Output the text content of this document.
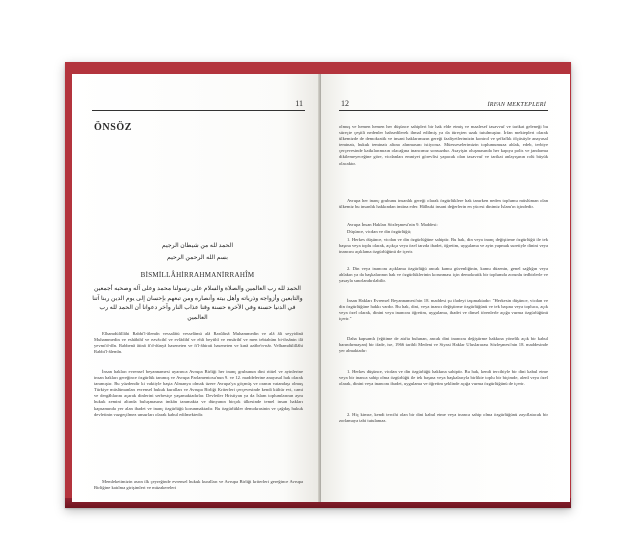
11
ÖNSÖZ
الحمد لله من شيطان الرجيم
بسم الله الرحمن الرحيم
BİSMİLLÂHİRRAHMANİRRAHÎM
الحمد لله رب العالمين والصلاة والسلام على رسولنا محمد وعلى آله وصحبه أجمعين والتابعين وأزواجه وذرياته وأهل بيته وأنصاره ومن تبعهم بإحسان إلى يوم الدين ربنا آتنا في الدنيا حسنة وفي الآخرة حسنة وقنا عذاب النار وآخر دعوانا أن الحمد لله رب العالمين
Elhamdülillâhi Rabbi'l-âlemîn vessalâtü vesselâmü alâ Rasûlinâ Muhammedin ve alâ âli seyyidinâ Muhammedin ve eshâbihî ve ezvâcihî ve evlâdihî ve ehli beytihî ve ensârihî ve men tebiahüm bi-ihsânin ilâ yevmi'd-dîn. Rabbenâ âtinâ fi'd-dünyâ haseneten ve fi'l-âhirati haseneten ve kınâ azâbe'n-nâr. Velhamdülillâhi Rabbi'l-âlemîn.
İnsan hakları evrensel beyannamesi uyarınca Avrupa Birliği her inanç grubunun dini ritüel ve ayinlerine insan hakları gereğince özgürlük tanımış ve Avrupa Parlamentosu'nun 9. ve 12. maddelerine anayasal hak olarak tanımıştır. Bu yüzdendir ki vaktiyle başta Almanya olmak üzere Avrupa'ya göçmüş ve oranın vatandaşı olmuş Türkiye müslümanları evrensel hukuk kuralları ve Avrupa Birliği Kriterleri çerçevesinde kendi kültür evi, cami ve dergâhlarını açarak dinlerini serbestçe yaşamaktadırlar. Devletler Hristiyan ya da İslam toplumlarının aynı hukuk zemini altında buluşmasına imkân tanımakta ve dünyanın birçok ülkesinde temel insan hakları kapsamında yer alan ibadet ve inanç özgürlüğü korunmaktadır. Bu özgürlükler demokrasinin ve çağdaş hukuk devletinin vazgeçilmez unsurları olarak kabul edilmektedir.
Memleketimizin asrın ilk çeyreğinde evrensel hukuk kuralları ve Avrupa Birliği kriterleri gereğince Avrupa Birliğine katılma girişimleri ve müzakereleri
12	İRFAN MEKTEPLERİ
olmuş ve hemen hemen her düşünce sahipleri bir hak elde etmiş ve maalesef tasavvuf ve tarikat geleneği bu süreçte çeşitli nedenler bahsedilerek ihmal edilmiş ya da türeçten uzak tutulmuştur. İrfan mektepleri olarak ülkemizde de demokratik ve insani haklarımızın gereği faaliyetlerimizin kontrol ve şeffaflık ölçüsüyle anayasal teminatı, hukuk teminatı altına alınmasını istiyoruz. Müesseselerimizin toplumumuza ahlak, edeb, terbiye çerçevesinde katkılarımızın olacağına inancımız sonsuzdur. Asayişin oluşmasında her kapıya polis ve jandarma dikilemeyeceğine göre, vicdanları emniyet görevlisi yapacak olan tasavvuf ve tarikat anlayışının rolü büyük olacaktır.
Avrupa her inanç grubunu insanlık gereği olarak özgürlüklere hak tanırken neden toplumu müslüman olan ülkemiz bu insanlık hakkından imtina eder. Hâlbuki insani değerlerin en yücesi dinimiz İslam'ın içindedir.
Avrupa İnsan Hakları Sözleşmesi'nin 9. Maddesi:
Düşünce, vicdan ve din özgürlüğü;
1. Herkes düşünce, vicdan ve din özgürlüğüne sahiptir. Bu hak, din veya inanç değiştirme özgürlüğü ile tek başına veya toplu olarak, açıkça veya özel tarzda ibadet, öğretim, uygulama ve ayin yapmak suretiyle dinini veya inancını açıklama özgürlüğünü de içerir.
2. Din veya inancını açıklama özgürlüğü ancak kamu güvenliğinin, kamu düzenin, genel sağlığın veya ahlakın ya da başkalarının hak ve özgürlüklerinin korunması için demokratik bir toplumda zorunlu tedbirlerle ve yasayla sınırlandırılabilir.
İnsan Hakları Evrensel Beyannamesi'nin 18. maddesi şu ifadeyi taşımaktadır: "Herkesin düşünce, vicdan ve din özgürlüğüne hakkı vardır. Bu hak, dini, veya inancı değiştirme özgürlüğünü ve tek başına veya topluca, açık veya özel olarak, dinini veya inancını öğretim, uygulama, ibadet ve dinsel törenlerle açığa vurma özgürlüğünü içerir."
Daha kapsamlı (eğitime de atıfta bulunan, ancak dini inancını değiştirme hakkına yönelik açık bir kabul barındırmayan) bir ifade, ise, 1966 tarihli Medeni ve Siyasi Haklar Uluslararası Sözleşmesi'nin 18. maddesinde yer almaktadır:
1. Herkes düşünce, vicdan ve din özgürlüğü hakkına sahiptir. Bu hak, kendi tercihiyle bir dini kabul etme veya bir inanca sahip olma özgürlüğü ile tek başına veya başkalarıyla birlikte toplu bir biçimde, alenî veya özel olarak, dinini veya inancını ibadet, uygulama ve öğretim şeklinde açığa vurma özgürlüğünü de içerir.
2. Hiç kimse, kendi tercihi olan bir dini kabul etme veya inanca sahip olma özgürlüğünü zayıflatacak bir zorlamaya tabi tutulamaz.
